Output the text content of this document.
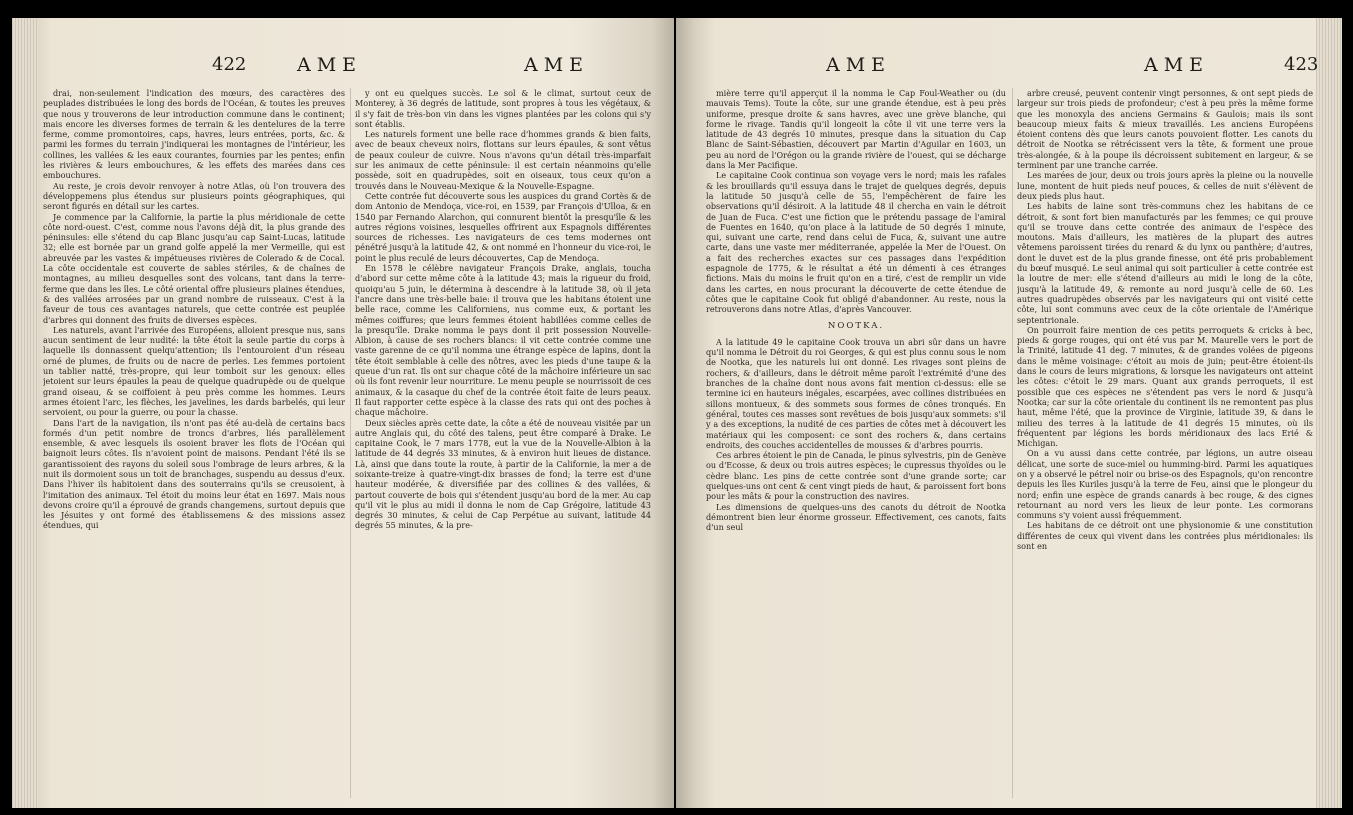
422	AME	AME

drai, non-seulement l'indication des mœurs, des caractères des peuplades distribuées le long des bords de l'Océan, & toutes les preuves que nous y trouverons de leur introduction commune dans le continent; mais encore les diverses formes de terrain & les dentelures de la terre ferme, comme promontoires, caps, havres, leurs entrées, ports, &c. & parmi les formes du terrain j'indiquerai les montagnes de l'intérieur, les collines, les vallées & les eaux courantes, fournies par les pentes; enfin les rivières & leurs embouchures, & les effets des marées dans ces embouchures.

Au reste, je crois devoir renvoyer à notre Atlas, où l'on trouvera des développemens plus étendus sur plusieurs points géographiques, qui seront figurés en détail sur les cartes.

Je commence par la Californie, la partie la plus méridionale de cette côte nord-ouest. C'est, comme nous l'avons déjà dit, la plus grande des péninsules: elle s'étend du cap Blanc jusqu'au cap Saint-Lucas, latitude 32; elle est bornée par un grand golfe appelé la mer Vermeille, qui est abreuvée par les vastes & impétueuses rivières de Colerado & de Cocal. La côte occidentale est couverte de sables stériles, & de chaînes de montagnes, au milieu desquelles sont des volcans, tant dans la terre-ferme que dans les îles. Le côté oriental offre plusieurs plaines étendues, & des vallées arrosées par un grand nombre de ruisseaux. C'est à la faveur de tous ces avantages naturels, que cette contrée est peuplée d'arbres qui donnent des fruits de diverses espèces.

Les naturels, avant l'arrivée des Européens, alloient presque nus, sans aucun sentiment de leur nudité: la tête étoit la seule partie du corps à laquelle ils donnassent quelqu'attention; ils l'entouroient d'un réseau orné de plumes, de fruits ou de nacre de perles. Les femmes portoient un tablier natté, très-propre, qui leur tomboit sur les genoux: elles jetoient sur leurs épaules la peau de quelque quadrupède ou de quelque grand oiseau, & se coiffoient à peu près comme les hommes. Leurs armes étoient l'arc, les flèches, les javelines, les dards barbelés, qui leur servoient, ou pour la guerre, ou pour la chasse.

Dans l'art de la navigation, ils n'ont pas été au-delà de certains bacs formés d'un petit nombre de troncs d'arbres, liés parallèlement ensemble, & avec lesquels ils osoient braver les flots de l'Océan qui baignoit leurs côtes. Ils n'avoient point de maisons. Pendant l'été ils se garantissoient des rayons du soleil sous l'ombrage de leurs arbres, & la nuit ils dormoient sous un toit de branchages, suspendu au dessus d'eux. Dans l'hiver ils habitoient dans des souterrains qu'ils se creusoient, à l'imitation des animaux. Tel étoit du moins leur état en 1697. Mais nous devons croire qu'il a éprouvé de grands changemens, surtout depuis que les Jésuites y ont formé des établissemens & des missions assez étendues, qui

y ont eu quelques succès. Le sol & le climat, surtout ceux de Monterey, à 36 degrés de latitude, sont propres à tous les végétaux, & il s'y fait de très-bon vin dans les vignes plantées par les colons qui s'y sont établis.

Les naturels forment une belle race d'hommes grands & bien faits, avec de beaux cheveux noirs, flottans sur leurs épaules, & sont vêtus de peaux couleur de cuivre. Nous n'avons qu'un détail très-imparfait sur les animaux de cette péninsule: il est certain néanmoins qu'elle possède, soit en quadrupèdes, soit en oiseaux, tous ceux qu'on a trouvés dans le Nouveau-Mexique & la Nouvelle-Espagne.

Cette contrée fut découverte sous les auspices du grand Cortès & de dom Antonio de Mendoça, vice-roi, en 1539, par François d'Ulloa, & en 1540 par Fernando Alarchon, qui connurent bientôt la presqu'île & les autres régions voisines, lesquelles offrirent aux Espagnols différentes sources de richesses. Les navigateurs de ces tems modernes ont pénétré jusqu'à la latitude 42, & ont nommé en l'honneur du vice-roi, le point le plus reculé de leurs découvertes, Cap de Mendoça.

En 1578 le célèbre navigateur François Drake, anglais, toucha d'abord sur cette même côte à la latitude 43; mais la rigueur du froid, quoiqu'au 5 juin, le détermina à descendre à la latitude 38, où il jeta l'ancre dans une très-belle baie: il trouva que les habitans étoient une belle race, comme les Californiens, nus comme eux, & portant les mêmes coiffures; que leurs femmes étoient habillées comme celles de la presqu'île. Drake nomma le pays dont il prit possession Nouvelle-Albion, à cause de ses rochers blancs: il vit cette contrée comme une vaste garenne de ce qu'il nomma une étrange espèce de lapins, dont la tête étoit semblable à celle des nôtres, avec les pieds d'une taupe & la queue d'un rat. Ils ont sur chaque côté de la mâchoire inférieure un sac où ils font revenir leur nourriture. Le menu peuple se nourrissoit de ces animaux, & la casaque du chef de la contrée étoit faite de leurs peaux. Il faut rapporter cette espèce à la classe des rats qui ont des poches à chaque mâchoire.

Deux siècles après cette date, la côte a été de nouveau visitée par un autre Anglais qui, du côté des talens, peut être comparé à Drake. Le capitaine Cook, le 7 mars 1778, eut la vue de la Nouvelle-Albion à la latitude de 44 degrés 33 minutes, & à environ huit lieues de distance. Là, ainsi que dans toute la route, à partir de la Californie, la mer a de soixante-treize à quatre-vingt-dix brasses de fond; la terre est d'une hauteur modérée, & diversifiée par des collines & des vallées, & partout couverte de bois qui s'étendent jusqu'au bord de la mer. Au cap qu'il vit le plus au midi il donna le nom de Cap Grégoire, latitude 43 degrés 30 minutes, & celui de Cap Perpétue au suivant, latitude 44 degrés 55 minutes, & la pre-

AME	AME	423

mière terre qu'il apperçut il la nomma le Cap Foul-Weather ou (du mauvais Tems). Toute la côte, sur une grande étendue, est à peu près uniforme, presque droite & sans havres, avec une grève blanche, qui forme le rivage. Tandis qu'il longeoit la côte il vit une terre vers la latitude de 43 degrés 10 minutes, presque dans la situation du Cap Blanc de Saint-Sébastien, découvert par Martin d'Aguilar en 1603, un peu au nord de l'Orégon ou la grande rivière de l'ouest, qui se décharge dans la Mer Pacifique.

Le capitaine Cook continua son voyage vers le nord; mais les rafales & les brouillards qu'il essuya dans le trajet de quelques degrés, depuis la latitude 50 jusqu'à celle de 55, l'empêchèrent de faire les observations qu'il désiroit. A la latitude 48 il chercha en vain le détroit de Juan de Fuca. C'est une fiction que le prétendu passage de l'amiral de Fuentes en 1640, qu'on place à la latitude de 50 degrés 1 minute, qui, suivant une carte, rend dans celui de Fuca, &, suivant une autre carte, dans une vaste mer méditerranée, appelée la Mer de l'Ouest. On a fait des recherches exactes sur ces passages dans l'expédition espagnole de 1775, & le résultat a été un démenti à ces étranges fictions. Mais du moins le fruit qu'on en a tiré, c'est de remplir un vide dans les cartes, en nous procurant la découverte de cette étendue de côtes que le capitaine Cook fut obligé d'abandonner. Au reste, nous la retrouverons dans notre Atlas, d'après Vancouver.

NOOTKA.

A la latitude 49 le capitaine Cook trouva un abri sûr dans un havre qu'il nomma le Détroit du roi Georges, & qui est plus connu sous le nom de Nootka, que les naturels lui ont donné. Les rivages sont pleins de rochers, & d'ailleurs, dans le détroit même paroît l'extrémité d'une des branches de la chaîne dont nous avons fait mention ci-dessus: elle se termine ici en hauteurs inégales, escarpées, avec collines distribuées en sillons montueux, & des sommets sous formes de cônes tronqués. En général, toutes ces masses sont revêtues de bois jusqu'aux sommets: s'il y a des exceptions, la nudité de ces parties de côtes met à découvert les matériaux qui les composent: ce sont des rochers &, dans certains endroits, des couches accidentelles de mousses & d'arbres pourris.

Ces arbres étoient le pin de Canada, le pinus sylvestris, pin de Genève ou d'Ecosse, & deux ou trois autres espèces; le cupressus thyoïdes ou le cèdre blanc. Les pins de cette contrée sont d'une grande sorte; car quelques-uns ont cent & cent vingt pieds de haut, & paroissent fort bons pour les mâts & pour la construction des navires.

Les dimensions de quelques-uns des canots du détroit de Nootka démontrent bien leur énorme grosseur. Effectivement, ces canots, faits d'un seul

arbre creusé, peuvent contenir vingt personnes, & ont sept pieds de largeur sur trois pieds de profondeur; c'est à peu près la même forme que les monoxyla des anciens Germains & Gaulois; mais ils sont beaucoup mieux faits & mieux travaillés. Les anciens Européens étoient contens dès que leurs canots pouvoient flotter. Les canots du détroit de Nootka se rétrécissent vers la tête, & forment une proue très-alongée, & à la poupe ils décroissent subitement en largeur, & se terminent par une tranche carrée.

Les marées de jour, deux ou trois jours après la pleine ou la nouvelle lune, montent de huit pieds neuf pouces, & celles de nuit s'élèvent de deux pieds plus haut.

Les habits de laine sont très-communs chez les habitans de ce détroit, & sont fort bien manufacturés par les femmes; ce qui prouve qu'il se trouve dans cette contrée des animaux de l'espèce des moutons. Mais d'ailleurs, les matières de la plupart des autres vêtemens paroissent tirées du renard & du lynx ou panthère; d'autres, dont le duvet est de la plus grande finesse, ont été pris probablement du bœuf musqué. Le seul animal qui soit particulier à cette contrée est la loutre de mer: elle s'étend d'ailleurs au midi le long de la côte, jusqu'à la latitude 49, & remonte au nord jusqu'à celle de 60. Les autres quadrupèdes observés par les navigateurs qui ont visité cette côte, lui sont communs avec ceux de la côte orientale de l'Amérique septentrionale.

On pourroit faire mention de ces petits perroquets & cricks à bec, pieds & gorge rouges, qui ont été vus par M. Maurelle vers le port de la Trinité, latitude 41 deg. 7 minutes, & de grandes volées de pigeons dans le même voisinage: c'étoit au mois de juin; peut-être étoient-ils dans le cours de leurs migrations, & lorsque les navigateurs ont atteint les côtes: c'étoit le 29 mars. Quant aux grands perroquets, il est possible que ces espèces ne s'étendent pas vers le nord & jusqu'à Nootka; car sur la côte orientale du continent ils ne remontent pas plus haut, même l'été, que la province de Virginie, latitude 39, & dans le milieu des terres à la latitude de 41 degrés 15 minutes, où ils fréquentent par légions les bords méridionaux des lacs Erié & Michigan.

On a vu aussi dans cette contrée, par légions, un autre oiseau délicat, une sorte de suce-miel ou humming-bird. Parmi les aquatiques on y a observé le pétrel noir ou brise-os des Espagnols, qu'on rencontre depuis les îles Kuriles jusqu'à la terre de Feu, ainsi que le plongeur du nord; enfin une espèce de grands canards à bec rouge, & des cignes retournant au nord vers les lieux de leur ponte. Les cormorans communs s'y voient aussi fréquemment.

Les habitans de ce détroit ont une physionomie & une constitution différentes de ceux qui vivent dans les contrées plus méridionales: ils sont en
